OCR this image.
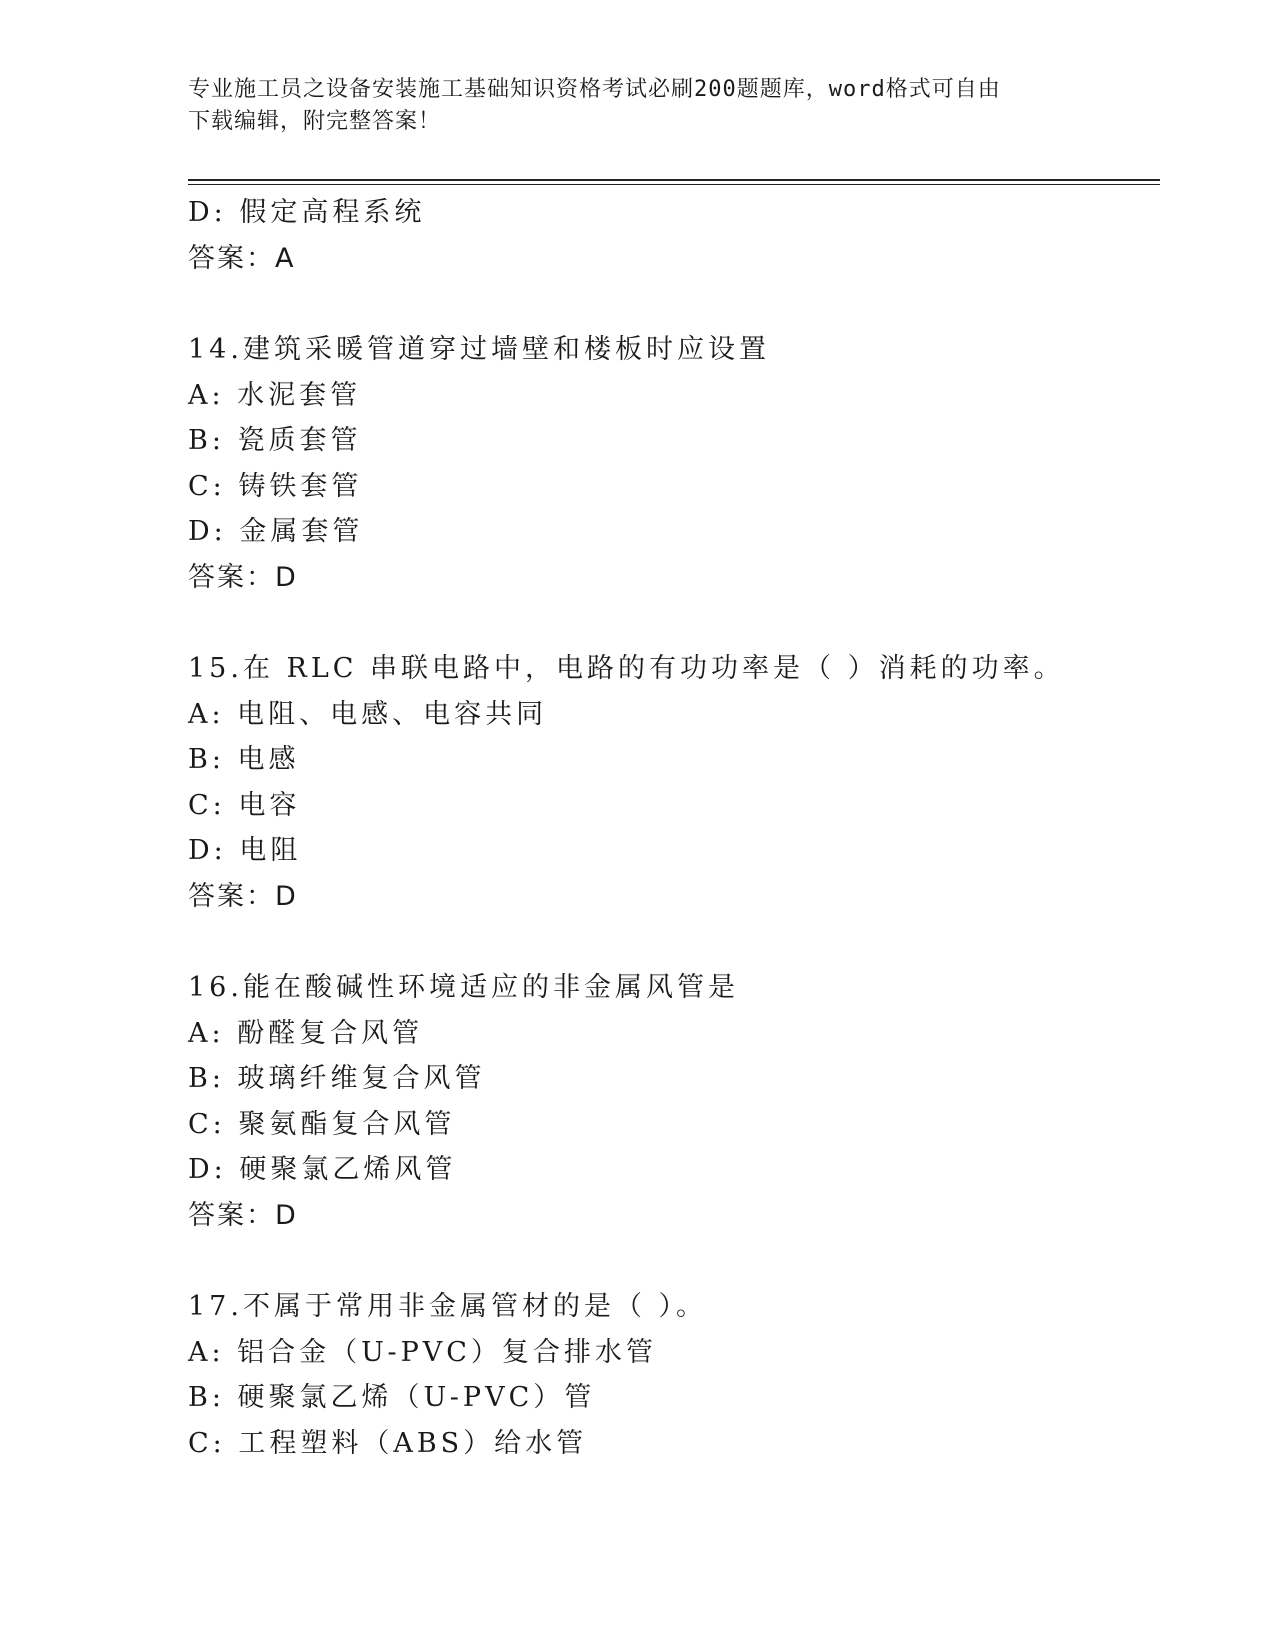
专业施工员之设备安装施工基础知识资格考试必刷200题题库，word格式可自由
下载编辑，附完整答案！
D: 假定高程系统
答案：A
14.建筑采暖管道穿过墙壁和楼板时应设置
A: 水泥套管
B: 瓷质套管
C: 铸铁套管
D: 金属套管
答案：D
15.在 RLC 串联电路中，电路的有功功率是（ ）消耗的功率。
A: 电阻、电感、电容共同
B: 电感
C: 电容
D: 电阻
答案：D
16.能在酸碱性环境适应的非金属风管是
A: 酚醛复合风管
B: 玻璃纤维复合风管
C: 聚氨酯复合风管
D: 硬聚氯乙烯风管
答案：D
17.不属于常用非金属管材的是（ ）。
A: 铝合金（U-PVC）复合排水管
B: 硬聚氯乙烯（U-PVC）管
C: 工程塑料（ABS）给水管
